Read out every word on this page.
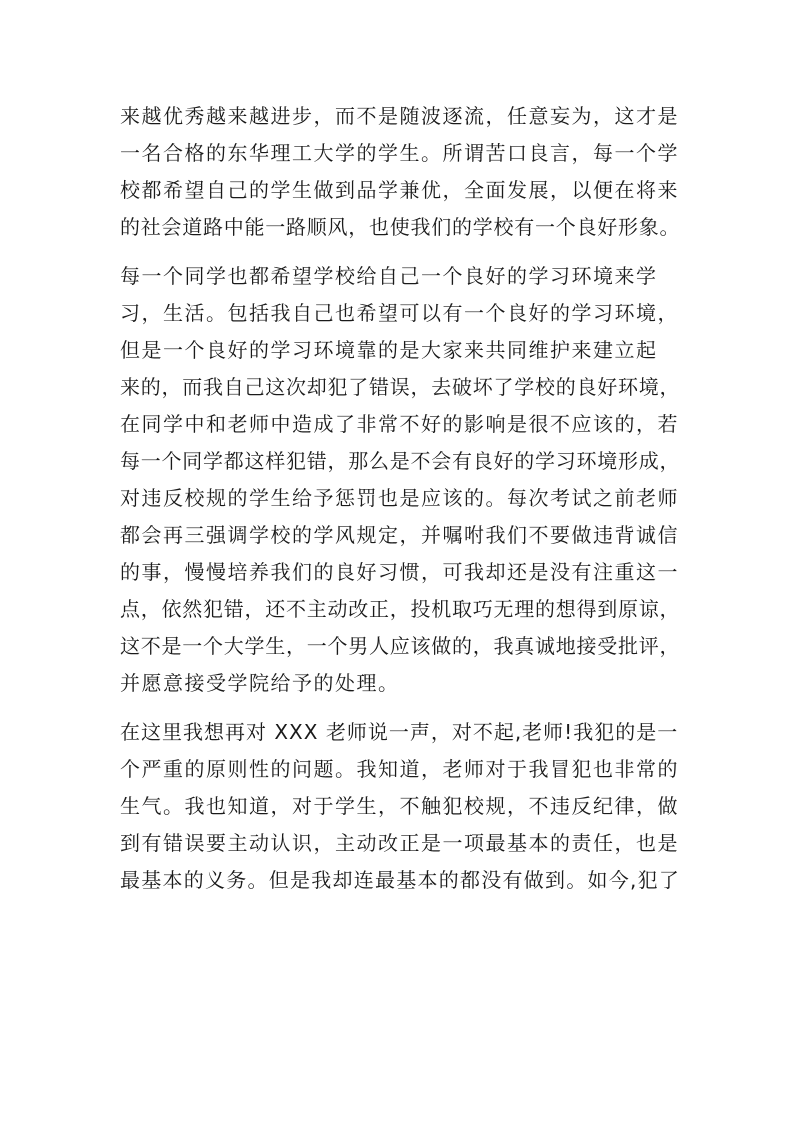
来越优秀越来越进步，而不是随波逐流，任意妄为，这才是
一名合格的东华理工大学的学生。所谓苦口良言，每一个学
校都希望自己的学生做到品学兼优，全面发展，以便在将来
的社会道路中能一路顺风，也使我们的学校有一个良好形象。
每一个同学也都希望学校给自己一个良好的学习环境来学
习，生活。包括我自己也希望可以有一个良好的学习环境，
但是一个良好的学习环境靠的是大家来共同维护来建立起
来的，而我自己这次却犯了错误，去破坏了学校的良好环境，
在同学中和老师中造成了非常不好的影响是很不应该的，若
每一个同学都这样犯错，那么是不会有良好的学习环境形成，
对违反校规的学生给予惩罚也是应该的。每次考试之前老师
都会再三强调学校的学风规定，并嘱咐我们不要做违背诚信
的事，慢慢培养我们的良好习惯，可我却还是没有注重这一
点，依然犯错，还不主动改正，投机取巧无理的想得到原谅，
这不是一个大学生，一个男人应该做的，我真诚地接受批评，
并愿意接受学院给予的处理。
在这里我想再对 XXX 老师说一声，对不起,老师!我犯的是一
个严重的原则性的问题。我知道，老师对于我冒犯也非常的
生气。我也知道，对于学生，不触犯校规，不违反纪律，做
到有错误要主动认识，主动改正是一项最基本的责任，也是
最基本的义务。但是我却连最基本的都没有做到。如今,犯了
